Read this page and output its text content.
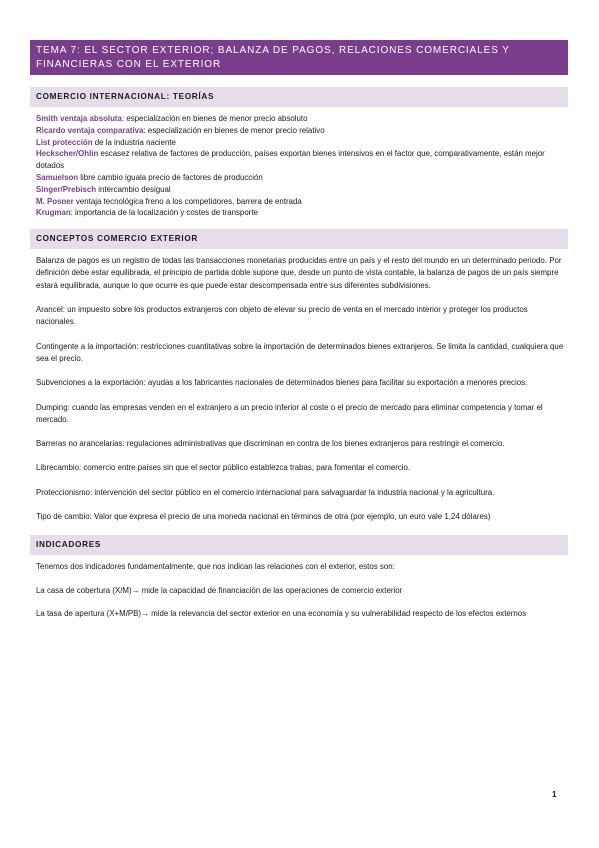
TEMA 7: EL SECTOR EXTERIOR; BALANZA DE PAGOS, RELACIONES COMERCIALES Y FINANCIERAS CON EL EXTERIOR
COMERCIO INTERNACIONAL: TEORÍAS
Smith ventaja absoluta: especialización en bienes de menor precio absoluto
Ricardo ventaja comparativa: especialización en bienes de menor precio relativo
List protección de la industria naciente
Heckscher/Ohlin escasez relativa de factores de producción, países exportan bienes intensivos en el factor que, comparativamente, están mejor dotados
Samuelson libre cambio iguala precio de factores de producción
Singer/Prebisch intercambio desigual
M. Posner ventaja tecnológica freno a los competidores, barrera de entrada
Krugman: importancia de la localización y costes de transporte
CONCEPTOS COMERCIO EXTERIOR

Balanza de pagos es un registro de todas las transacciones monetarias producidas entre un país y el resto del mundo en un determinado periodo. Por definición debe estar equilibrada, el principio de partida doble supone que, desde un punto de vista contable, la balanza de pagos de un país siempre estará equilibrada, aunque lo que ocurre es que puede estar descompensada entre sus diferentes subdivisiones.

Arancel: un impuesto sobre los productos extranjeros con objeto de elevar su precio de venta en el mercado interior y proteger los productos nacionales.

Contingente a la importación: restricciones cuantitativas sobre la importación de determinados bienes extranjeros. Se limita la cantidad, cualquiera que sea el precio.

Subvenciones a la exportación: ayudas a los fabricantes nacionales de determinados bienes para facilitar su exportación a menores precios.

Dumping: cuando las empresas venden en el extranjero a un precio inferior al coste o el precio de mercado para eliminar competencia y tomar el mercado.

Barreras no arancelarias: regulaciones administrativas que discriminan en contra de los bienes extranjeros para restringir el comercio.

Librecambio: comercio entre países sin que el sector público establezca trabas, para fomentar el comercio.

Proteccionismo: intervención del sector público en el comercio internacional para salvaguardar la industria nacional y la agricultura.

Tipo de cambio: Valor que expresa el precio de una moneda nacional en términos de otra (por ejemplo, un euro vale 1,24 dólares)

INDICADORES

Tenemos dos indicadores fundamentalmente, que nos indican las relaciones con el exterior, estos son:

La casa de cobertura (X/M)→ mide la capacidad de financiación de las operaciones de comercio exterior

La tasa de apertura (X+M/PB)→ mide la relevancia del sector exterior en una economía y su vulnerabilidad respecto de los efectos externos

1
